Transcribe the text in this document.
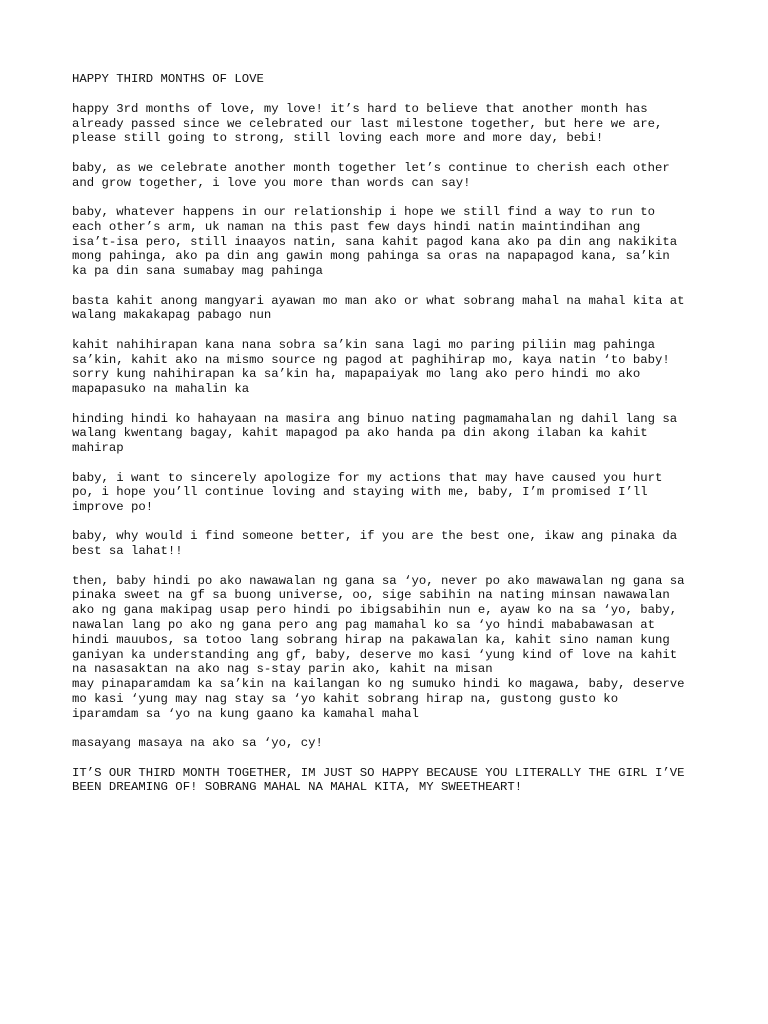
HAPPY THIRD MONTHS OF LOVE

happy 3rd months of love, my love! it’s hard to believe that another month has
already passed since we celebrated our last milestone together, but here we are,
please still going to strong, still loving each more and more day, bebi!

baby, as we celebrate another month together let’s continue to cherish each other
and grow together, i love you more than words can say!

baby, whatever happens in our relationship i hope we still find a way to run to
each other’s arm, uk naman na this past few days hindi natin maintindihan ang
isa’t-isa pero, still inaayos natin, sana kahit pagod kana ako pa din ang nakikita
mong pahinga, ako pa din ang gawin mong pahinga sa oras na napapagod kana, sa’kin
ka pa din sana sumabay mag pahinga

basta kahit anong mangyari ayawan mo man ako or what sobrang mahal na mahal kita at
walang makakapag pabago nun

kahit nahihirapan kana nana sobra sa’kin sana lagi mo paring piliin mag pahinga
sa’kin, kahit ako na mismo source ng pagod at paghihirap mo, kaya natin ‘to baby!
sorry kung nahihirapan ka sa’kin ha, mapapaiyak mo lang ako pero hindi mo ako
mapapasuko na mahalin ka

hinding hindi ko hahayaan na masira ang binuo nating pagmamahalan ng dahil lang sa
walang kwentang bagay, kahit mapagod pa ako handa pa din akong ilaban ka kahit
mahirap

baby, i want to sincerely apologize for my actions that may have caused you hurt
po, i hope you’ll continue loving and staying with me, baby, I’m promised I’ll
improve po!

baby, why would i find someone better, if you are the best one, ikaw ang pinaka da
best sa lahat!!

then, baby hindi po ako nawawalan ng gana sa ‘yo, never po ako mawawalan ng gana sa
pinaka sweet na gf sa buong universe, oo, sige sabihin na nating minsan nawawalan
ako ng gana makipag usap pero hindi po ibigsabihin nun e, ayaw ko na sa ‘yo, baby,
nawalan lang po ako ng gana pero ang pag mamahal ko sa ‘yo hindi mababawasan at
hindi mauubos, sa totoo lang sobrang hirap na pakawalan ka, kahit sino naman kung
ganiyan ka understanding ang gf, baby, deserve mo kasi ‘yung kind of love na kahit
na nasasaktan na ako nag s-stay parin ako, kahit na misan

may pinaparamdam ka sa’kin na kailangan ko ng sumuko hindi ko magawa, baby, deserve
mo kasi ‘yung may nag stay sa ‘yo kahit sobrang hirap na, gustong gusto ko
iparamdam sa ‘yo na kung gaano ka kamahal mahal

masayang masaya na ako sa ‘yo, cy!

IT’S OUR THIRD MONTH TOGETHER, IM JUST SO HAPPY BECAUSE YOU LITERALLY THE GIRL I’VE
BEEN DREAMING OF! SOBRANG MAHAL NA MAHAL KITA, MY SWEETHEART!
